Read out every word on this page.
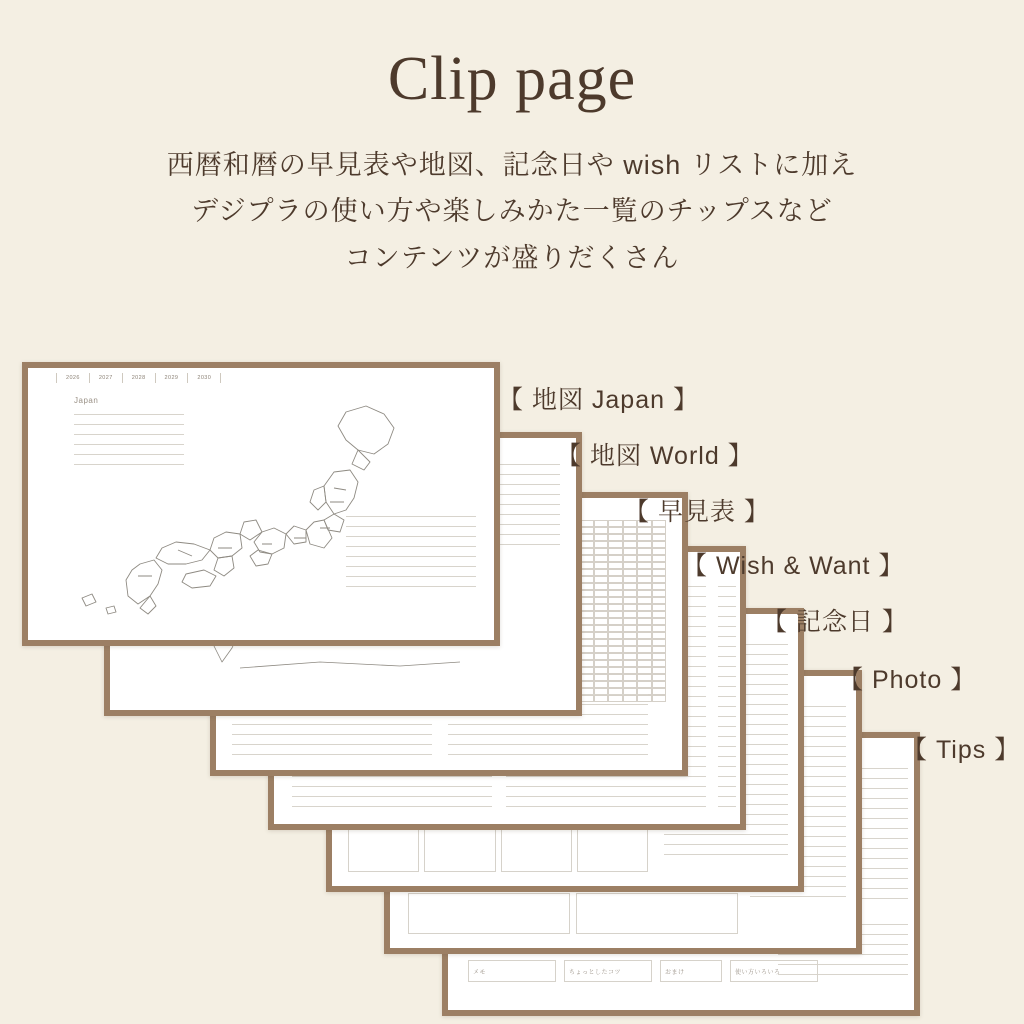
Clip page
西暦和暦の早見表や地図、記念日や wish リストに加え
デジプラの使い方や楽しみかた一覧のチップスなど
コンテンツが盛りだくさん
メモ	ちょっとしたコツ	おまけ	使い方いろいろ
2026	2027	2028	2029	2030
Japan	【 地図 Japan 】
【 地図 World 】
【 早見表 】
【 Wish & Want 】
【 記念日 】
【 Photo 】
【 Tips 】
